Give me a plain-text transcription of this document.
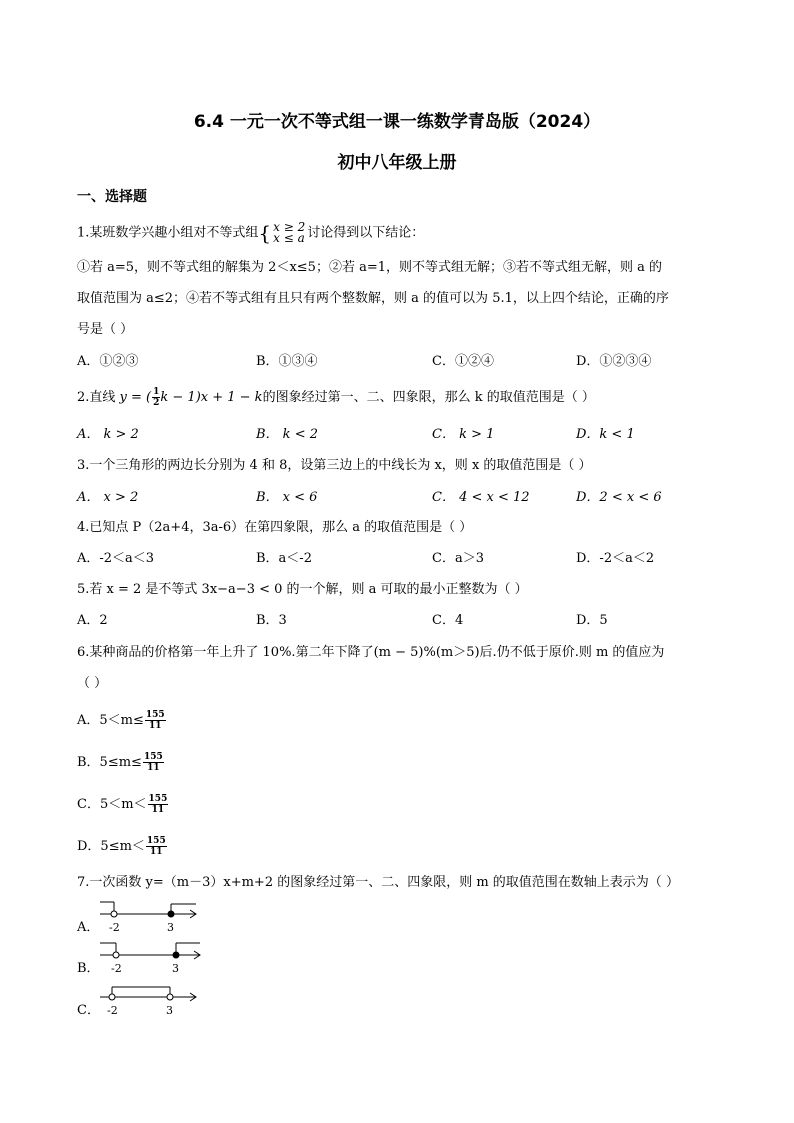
6.4 一元一次不等式组一课一练数学青岛版（2024）
初中八年级上册
一、选择题
1.某班数学兴趣小组对不等式组{ x ≥ 2
x ≤ a 讨论得到以下结论：
①若 a=5，则不等式组的解集为 2＜x≤5；②若 a=1，则不等式组无解；③若不等式组无解，则 a 的
取值范围为 a≤2；④若不等式组有且只有两个整数解，则 a 的值可以为 5.1，以上四个结论，正确的序
号是（ ）
A．①②③	B．①③④	C．①②④	D．①②③④
2.直线 y = ( $\frac{1}{2}$ k − 1)x + 1 − k的图象经过第一、二、四象限，那么 k 的取值范围是（ ）
A． k > 2	B． k < 2	C． k > 1	D．k < 1
3.一个三角形的两边长分别为 4 和 8，设第三边上的中线长为 x，则 x 的取值范围是（ ）
A． x > 2	B． x < 6	C． 4 < x < 12	D．2 < x < 6
4.已知点 P（2a+4，3a-6）在第四象限，那么 a 的取值范围是（ ）
A．-2＜a＜3	B．a＜-2	C．a＞3	D．-2＜a＜2
5.若 x = 2 是不等式 3x−a−3 < 0 的一个解，则 a 可取的最小正整数为（ ）
A．2	B．3	C．4	D．5
6.某种商品的价格第一年上升了 10%.第二年下降了(m − 5)%(m＞5)后.仍不低于原价.则 m 的值应为
（ ）
A．$5<m\le \frac{155}{11}$
B．$5\le m\le \frac{155}{11}$
C．$5<m< \frac{155}{11}$
D．$5\le m< \frac{155}{11}$
7.一次函数 y=（m－3）x+m+2 的图象经过第一、二、四象限，则 m 的取值范围在数轴上表示为（ ）
A． -2	3
B． -2	3
C． -2	3
